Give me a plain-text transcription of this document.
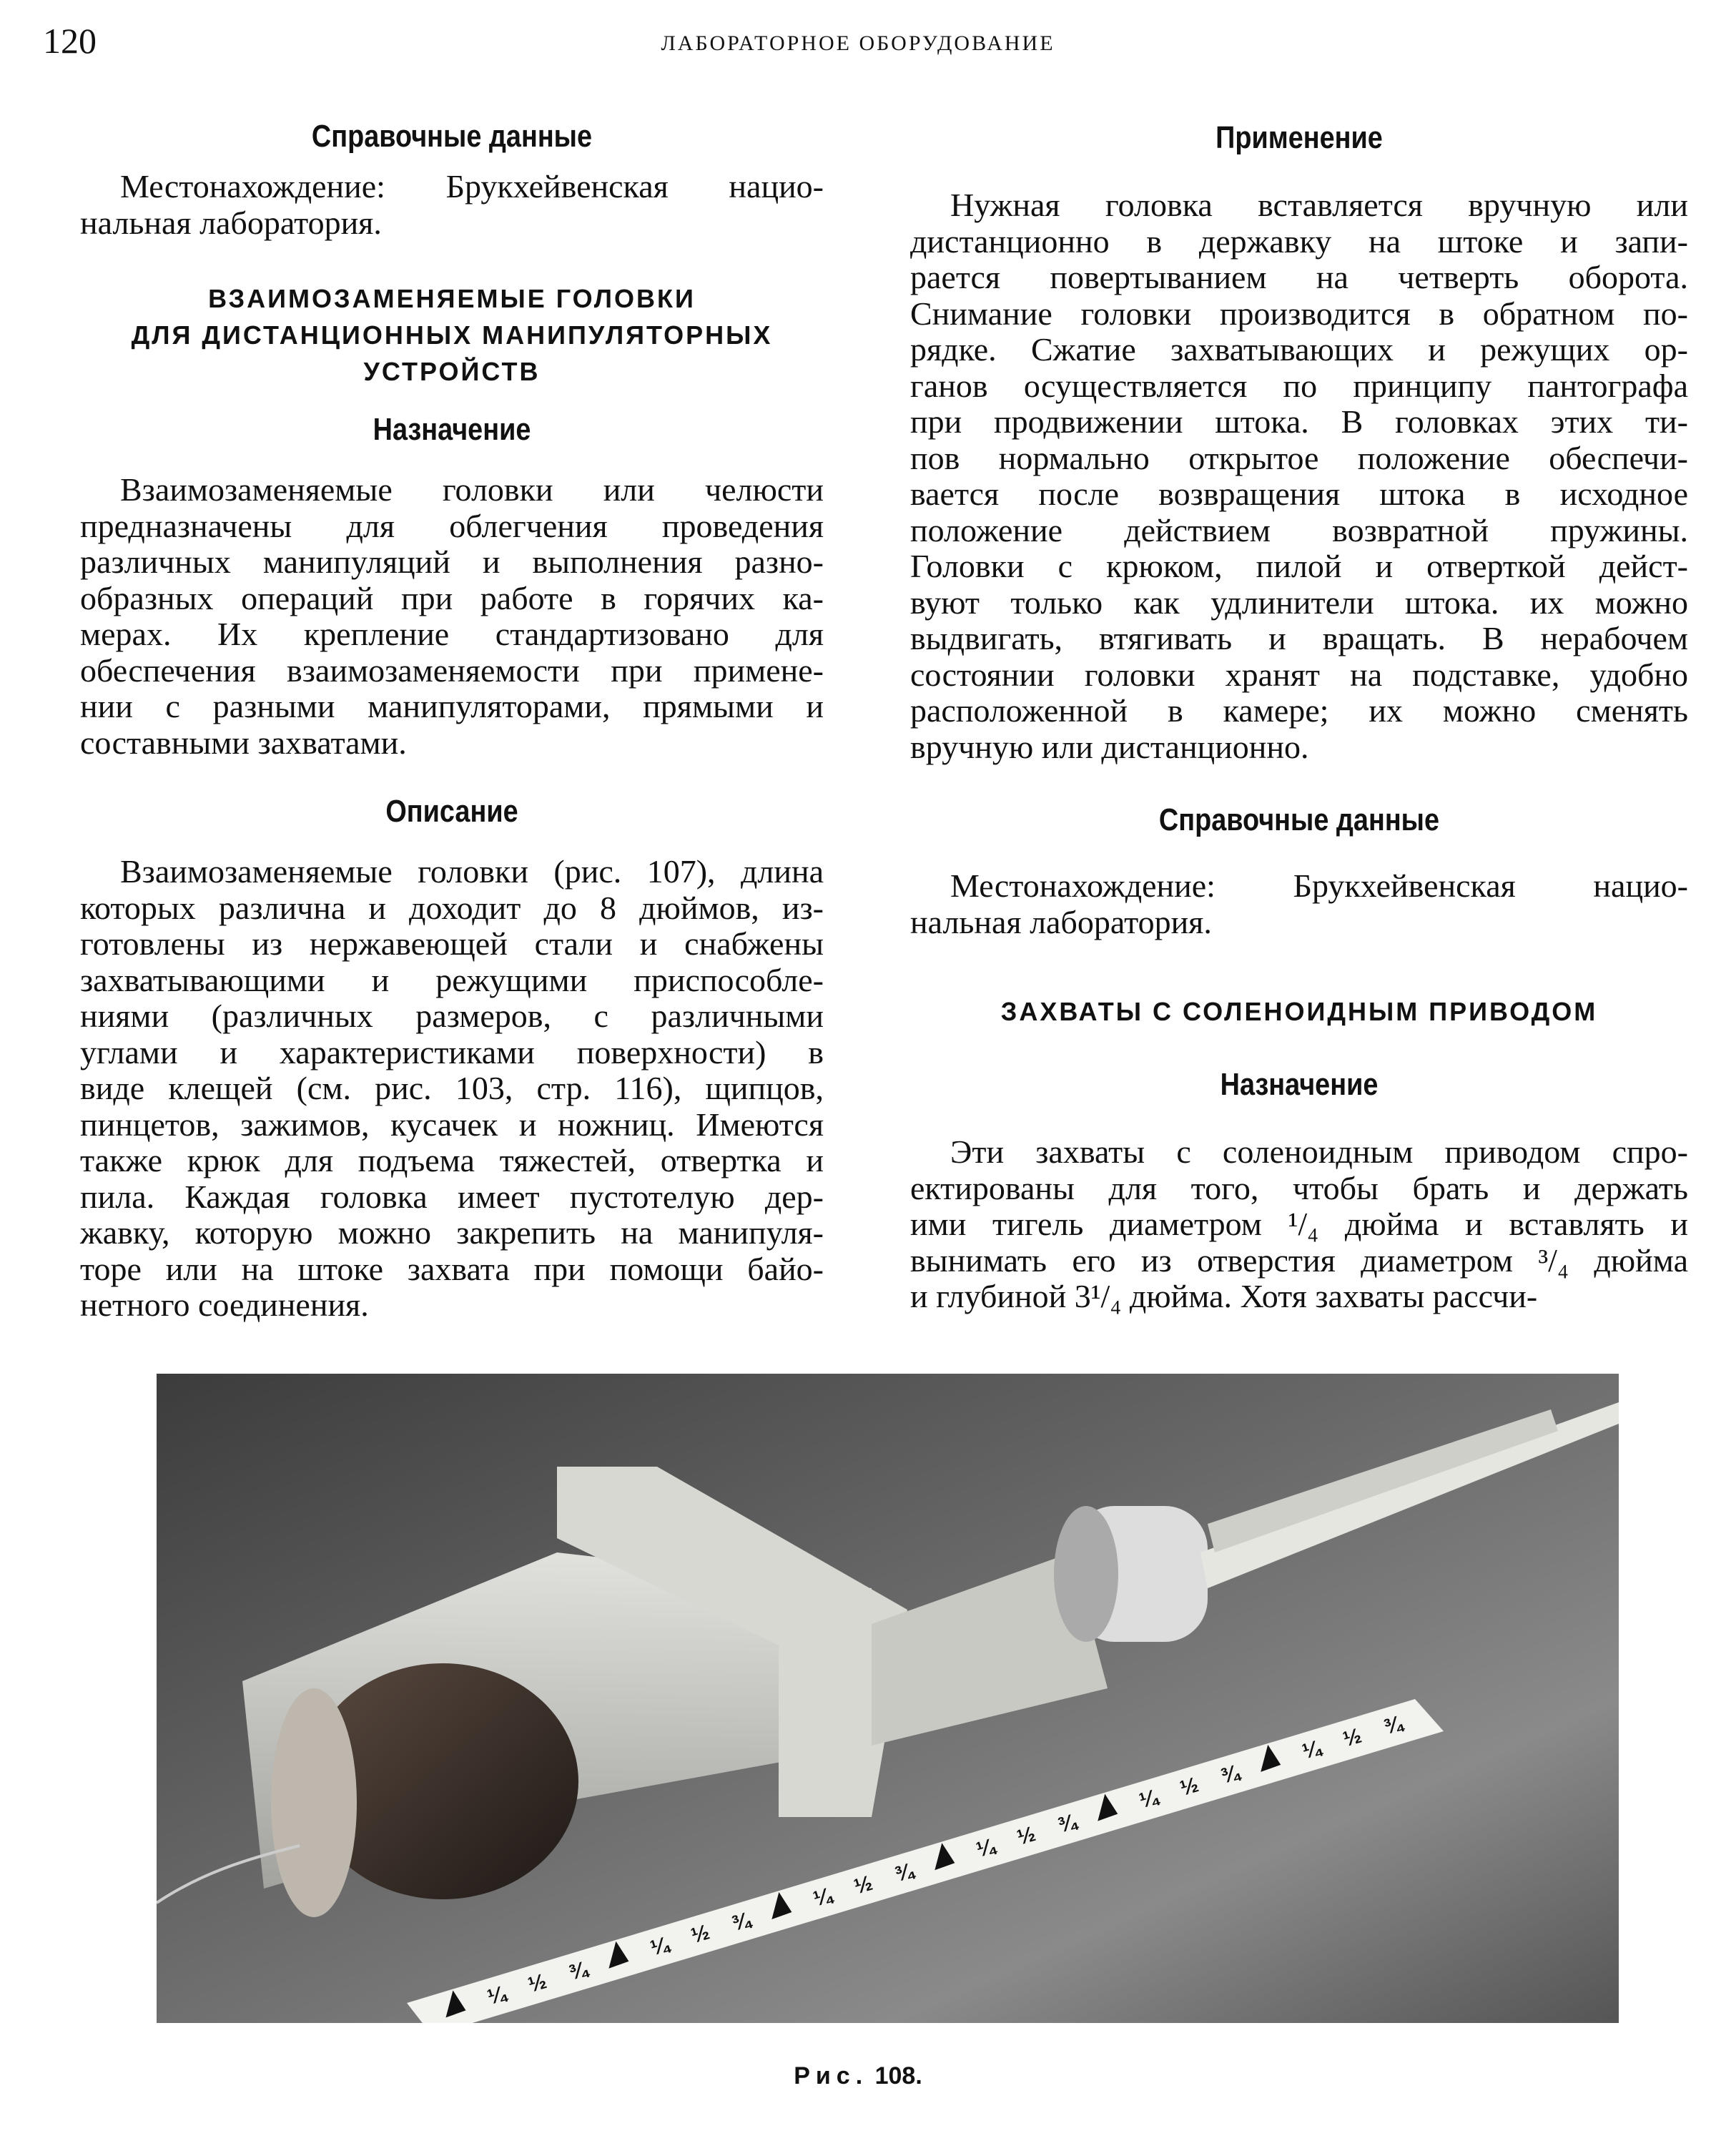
120	ЛАБОРАТОРНОЕ ОБОРУДОВАНИЕ
Справочные данные
Местонахождение: Брукхейвенская нацио-
нальная лаборатория.
ВЗАИМОЗАМЕНЯЕМЫЕ ГОЛОВКИ
ДЛЯ ДИСТАНЦИОННЫХ МАНИПУЛЯТОРНЫХ
УСТРОЙСТВ
Назначение
Взаимозаменяемые головки или челюсти
предназначены для облегчения проведения
различных манипуляций и выполнения разно-
образных операций при работе в горячих ка-
мерах. Их крепление стандартизовано для
обеспечения взаимозаменяемости при примене-
нии с разными манипуляторами, прямыми и
составными захватами.
Описание
Взаимозаменяемые головки (рис. 107), длина
которых различна и доходит до 8 дюймов, из-
готовлены из нержавеющей стали и снабжены
захватывающими и режущими приспособле-
ниями (различных размеров, с различными
углами и характеристиками поверхности) в
виде клещей (см. рис. 103, стр. 116), щипцов,
пинцетов, зажимов, кусачек и ножниц. Имеются
также крюк для подъема тяжестей, отвертка и
пила. Каждая головка имеет пустотелую дер-
жавку, которую можно закрепить на манипуля-
торе или на штоке захвата при помощи байо-
нетного соединения.
Применение
Нужная головка вставляется вручную или
дистанционно в державку на штоке и запи-
рается повертыванием на четверть оборота.
Снимание головки производится в обратном по-
рядке. Сжатие захватывающих и режущих ор-
ганов осуществляется по принципу пантографа
при продвижении штока. В головках этих ти-
пов нормально открытое положение обеспечи-
вается после возвращения штока в исходное
положение действием возвратной пружины.
Головки с крюком, пилой и отверткой дейст-
вуют только как удлинители штока. их можно
выдвигать, втягивать и вращать. В нерабочем
состоянии головки хранят на подставке, удобно
расположенной в камере; их можно сменять
вручную или дистанционно.
Справочные данные
Местонахождение: Брукхейвенская нацио-
нальная лаборатория.
ЗАХВАТЫ С СОЛЕНОИДНЫМ ПРИВОДОМ
Назначение
Эти захваты с соленоидным приводом спро-
ектированы для того, чтобы брать и держать
ими тигель диаметром ¹/₄ дюйма и вставлять и
вынимать его из отверстия диаметром ³/₄ дюйма
и глубиной 3¹/₄ дюйма. Хотя захваты рассчи-
¼ ½ ¾
¼ ½ ¾
¼ ½ ¾
¼ ½ ¾
¼ ½ ¾
¼ ½ ¾
Рис. 108.
